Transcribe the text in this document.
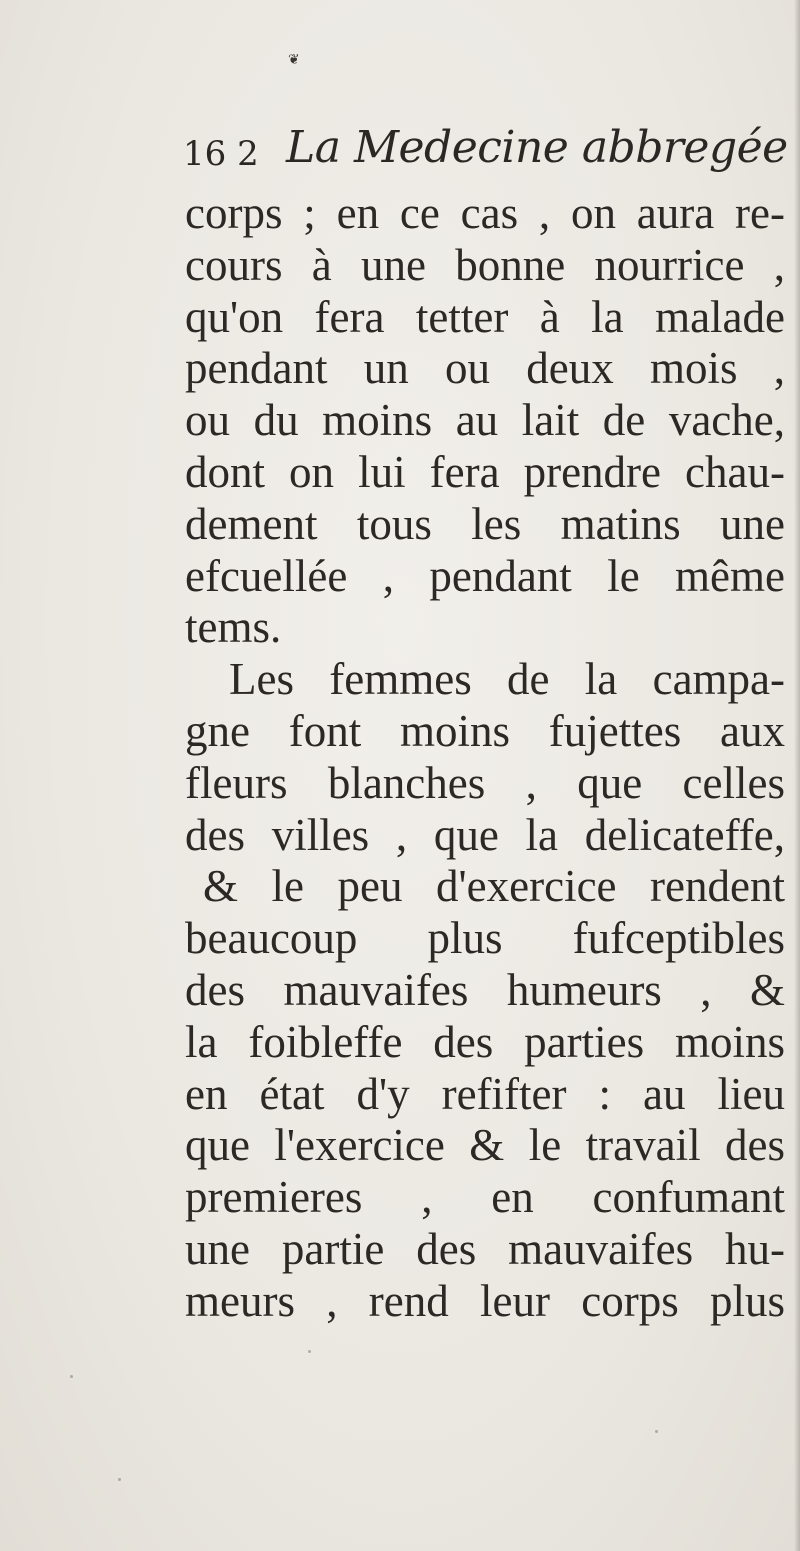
❦
16 2 La Medecine abbregée
corps ; en ce cas , on aura re-
cours à une bonne nourrice ,
qu'on fera tetter à la malade
pendant un ou deux mois ,
ou du moins au lait de vache,
dont on lui fera prendre chau-
dement tous les matins une
efcuellée , pendant le même
tems.
Les femmes de la campa-
gne font moins fujettes aux
fleurs blanches , que celles
des villes , que la delicateffe,
& le peu d'exercice rendent
beaucoup plus fufceptibles
des mauvaifes humeurs , &
la foibleffe des parties moins
en état d'y refifter : au lieu
que l'exercice & le travail des
premieres , en confumant
une partie des mauvaifes hu-
meurs , rend leur corps plus
